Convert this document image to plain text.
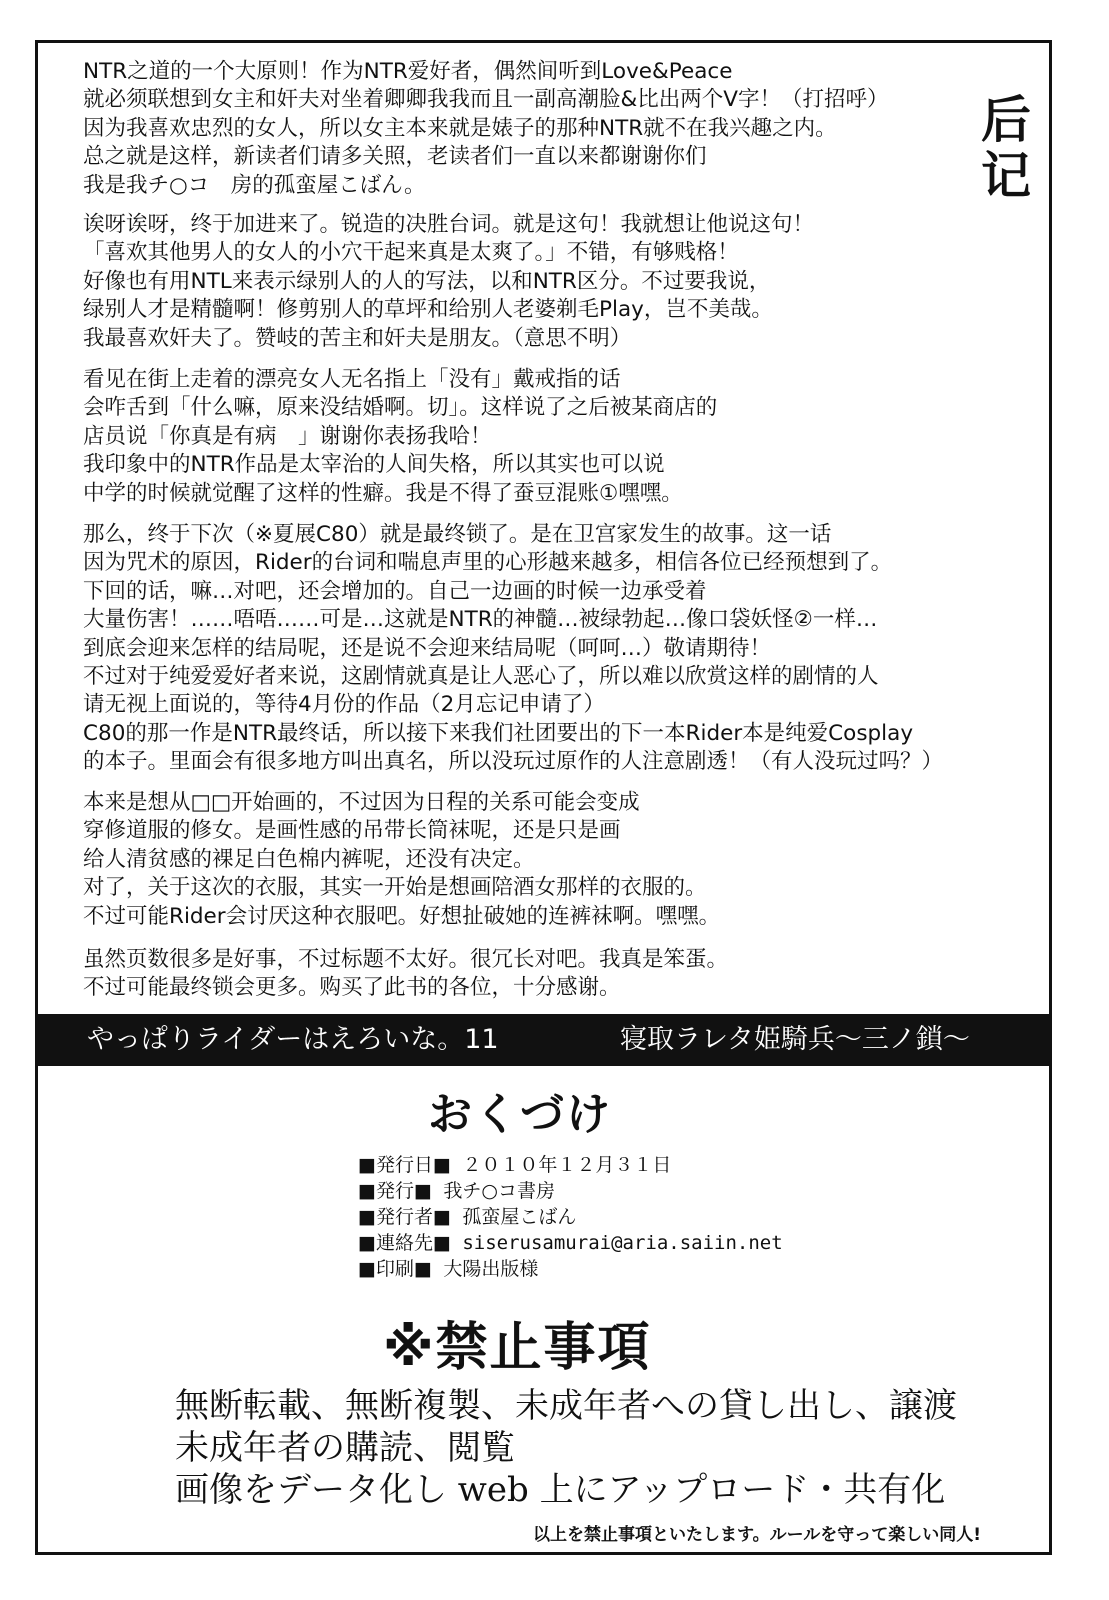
后记
NTR之道的一个大原则！作为NTR爱好者，偶然间听到Love&Peace
就必须联想到女主和奸夫对坐着卿卿我我而且一副高潮脸&比出两个V字！（打招呼）
因为我喜欢忠烈的女人，所以女主本来就是婊子的那种NTR就不在我兴趣之内。
总之就是这样，新读者们请多关照，老读者们一直以来都谢谢你们
我是我チ○コ　房的孤蛮屋こばん。
诶呀诶呀，终于加进来了。锐造的决胜台词。就是这句！我就想让他说这句！
「喜欢其他男人的女人的小穴干起来真是太爽了。」不错，有够贱格！
好像也有用NTL来表示绿别人的人的写法，以和NTR区分。不过要我说，
绿别人才是精髓啊！修剪别人的草坪和给别人老婆剃毛Play，岂不美哉。
我最喜欢奸夫了。赞岐的苦主和奸夫是朋友。（意思不明）
看见在街上走着的漂亮女人无名指上「没有」戴戒指的话
会咋舌到「什么嘛，原来没结婚啊。切」。这样说了之后被某商店的
店员说「你真是有病　」谢谢你表扬我哈！
我印象中的NTR作品是太宰治的人间失格，所以其实也可以说
中学的时候就觉醒了这样的性癖。我是不得了蚕豆混账①嘿嘿。
那么，终于下次（※夏展C80）就是最终锁了。是在卫宫家发生的故事。这一话
因为咒术的原因，Rider的台词和喘息声里的心形越来越多，相信各位已经预想到了。
下回的话，嘛…对吧，还会增加的。自己一边画的时候一边承受着
大量伤害！……唔唔……可是…这就是NTR的神髓…被绿勃起…像口袋妖怪②一样…
到底会迎来怎样的结局呢，还是说不会迎来结局呢（呵呵…）敬请期待！
不过对于纯爱爱好者来说，这剧情就真是让人恶心了，所以难以欣赏这样的剧情的人
请无视上面说的，等待4月份的作品（2月忘记申请了）
C80的那一作是NTR最终话，所以接下来我们社团要出的下一本Rider本是纯爱Cosplay
的本子。里面会有很多地方叫出真名，所以没玩过原作的人注意剧透！（有人没玩过吗？）
本来是想从□□开始画的，不过因为日程的关系可能会变成
穿修道服的修女。是画性感的吊带长筒袜呢，还是只是画
给人清贫感的裸足白色棉内裤呢，还没有决定。
对了，关于这次的衣服，其实一开始是想画陪酒女那样的衣服的。
不过可能Rider会讨厌这种衣服吧。好想扯破她的连裤袜啊。嘿嘿。
虽然页数很多是好事，不过标题不太好。很冗长对吧。我真是笨蛋。
不过可能最终锁会更多。购买了此书的各位，十分感谢。
やっぱりライダーはえろいな。11	寝取ラレタ姫騎兵～三ノ鎖～
おくづけ
■発行日■ ２０１０年１２月３１日
■発行■ 我チ○コ書房
■発行者■ 孤蛮屋こばん
■連絡先■ siserusamurai@aria.saiin.net
■印刷■ 大陽出版様
※禁止事項
無断転載、無断複製、未成年者への貸し出し、譲渡
未成年者の購読、閲覧
画像をデータ化し web 上にアップロード・共有化
以上を禁止事項といたします。ルールを守って楽しい同人!
